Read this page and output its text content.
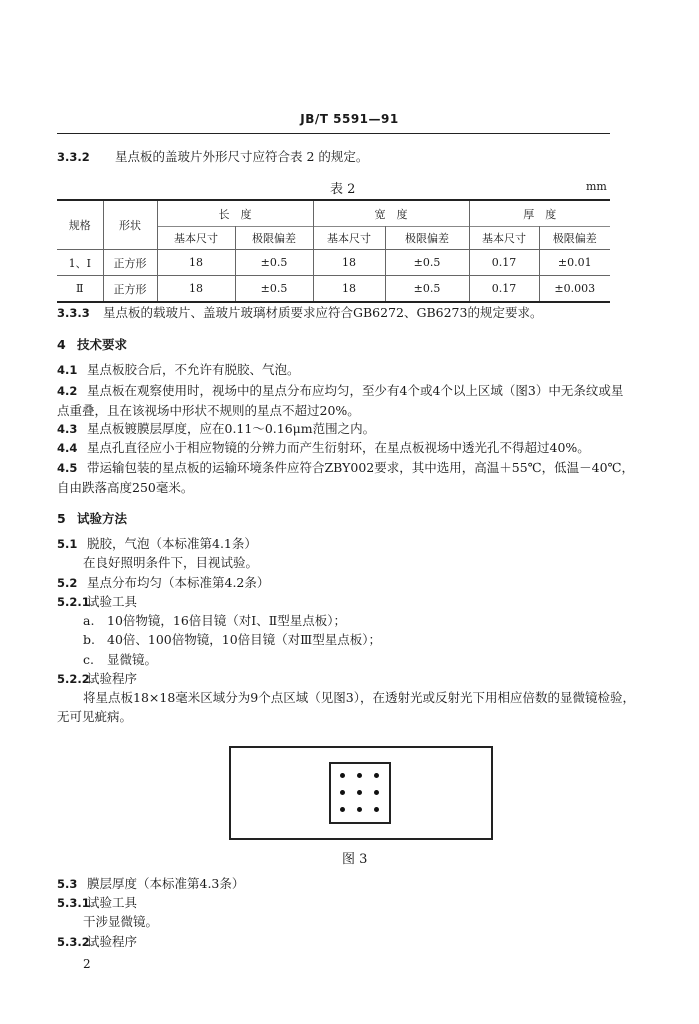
JB/T 5591—91
3.3.2 星点板的盖玻片外形尺寸应符合表 2 的规定。
表 2	mm
规格	形状	长　度		宽　度		厚　度	
		基本尺寸	极限偏差	基本尺寸	极限偏差	基本尺寸	极限偏差
1、Ⅰ	正方形	18	±0.5	18	±0.5	0.17	±0.01
Ⅱ	正方形	18	±0.5	18	±0.5	0.17	±0.003
3.3.3 星点板的载玻片、盖玻片玻璃材质要求应符合GB6272、GB6273的规定要求。
4 技术要求
4.1 星点板胶合后，不允许有脱胶、气泡。
4.2 星点板在观察使用时，视场中的星点分布应均匀，至少有4个或4个以上区域（图3）中无条纹或星
点重叠，且在该视场中形状不规则的星点不超过20%。
4.3 星点板镀膜层厚度，应在0.11～0.16μm范围之内。
4.4 星点孔直径应小于相应物镜的分辨力而产生衍射环，在星点板视场中透光孔不得超过40%。
4.5 带运输包装的星点板的运输环境条件应符合ZBY002要求，其中选用，高温＋55℃，低温－40℃，
自由跌落高度250毫米。
5 试验方法
5.1 脱胶，气泡（本标准第4.1条）
在良好照明条件下，目视试验。
5.2 星点分布均匀（本标准第4.2条）
5.2.1试验工具
a. 10倍物镜，16倍目镜（对Ⅰ、Ⅱ型星点板）；
b. 40倍、100倍物镜，10倍目镜（对Ⅲ型星点板）；
c. 显微镜。
5.2.2试验程序
将星点板18×18毫米区域分为9个点区域（见图3），在透射光或反射光下用相应倍数的显微镜检验，
无可见疵病。
图 3
5.3 膜层厚度（本标准第4.3条）
5.3.1试验工具
干涉显微镜。
5.3.2试验程序
2
